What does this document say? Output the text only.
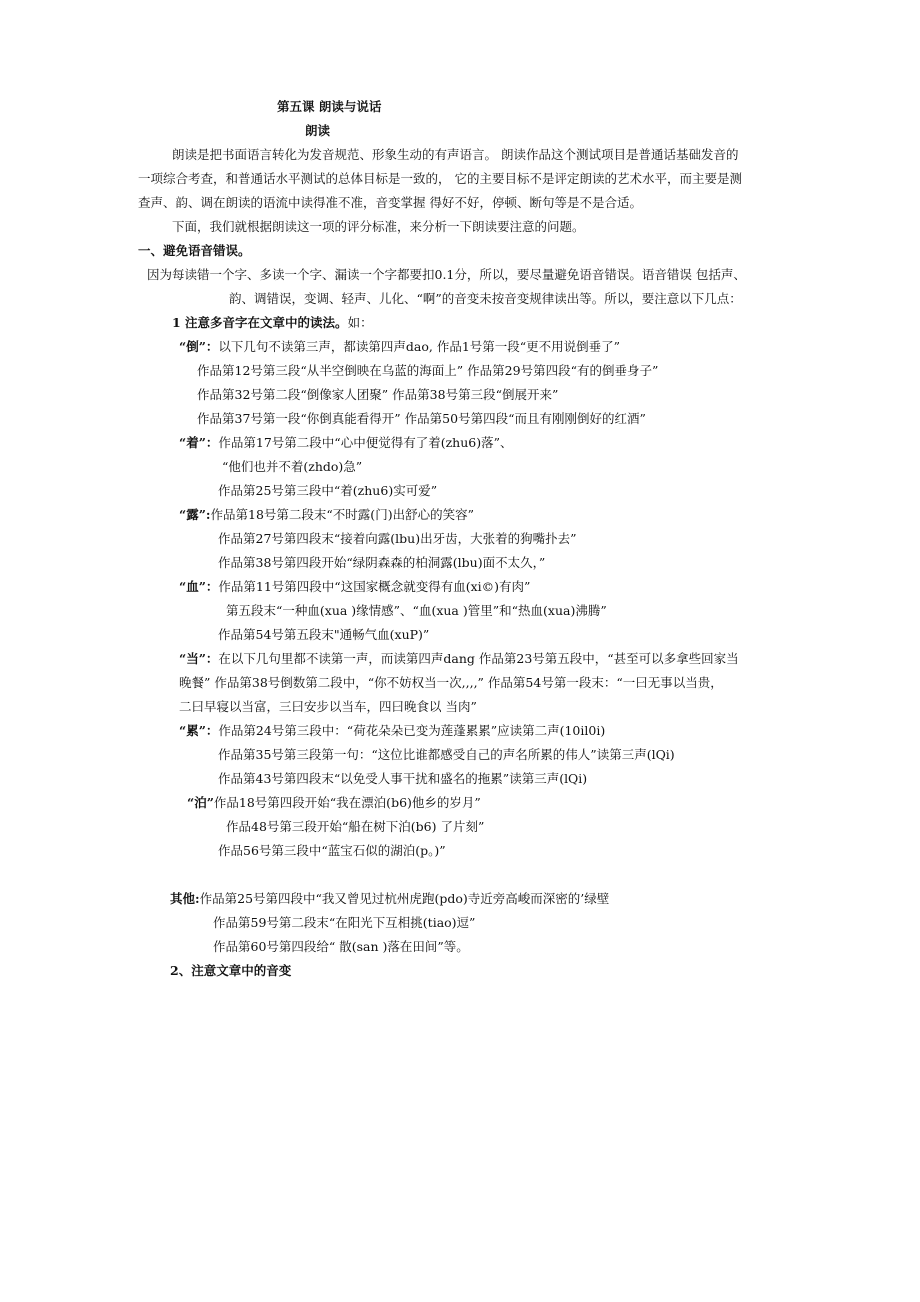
第五课 朗读与说话
朗读
朗读是把书面语言转化为发音规范、形象生动的有声语言。 朗读作品这个测试项目是普通话基础发音的
一项综合考查，和普通话水平测试的总体目标是一致的， 它的主要目标不是评定朗读的艺术水平，而主要是测
查声、韵、调在朗读的语流中读得准不准，音变掌握 得好不好，停顿、断句等是不是合适。
下面，我们就根据朗读这一项的评分标准，来分析一下朗读要注意的问题。
一、避免语音错误。
因为每读错一个字、多读一个字、漏读一个字都要扣0.1分，所以，要尽量避免语音错误。语音错误 包括声、
韵、调错误，变调、轻声、儿化、“啊”的音变未按音变规律读出等。所以，要注意以下几点：
1 注意多音字在文章中的读法。如：
“倒”：以下几句不读第三声，都读第四声dao, 作品1号第一段“更不用说倒垂了”
作品第12号第三段“从半空倒映在乌蓝的海面上” 作品第29号第四段“有的倒垂身子”
作品第32号第二段“倒像家人团聚” 作品第38号第三段“倒展开来”
作品第37号第一段“你倒真能看得开” 作品第50号第四段“而且有刚刚倒好的红酒”
“着”：作品第17号第二段中“心中便觉得有了着(zhu6)落”、
“他们也并不着(zhdo)急”
作品第25号第三段中“着(zhu6)实可爱”
“露”:作品第18号第二段末“不时露(门)出舒心的笑容”
作品第27号第四段末“接着向露(lbu)出牙齿，大张着的狗嘴扑去”
作品第38号第四段开始“绿阴森森的柏洞露(lbu)面不太久，”
“血”：作品第11号第四段中“这国家概念就变得有血(xi©)有肉”
第五段末“一种血(xua )缘情感”、“血(xua )管里”和“热血(xua)沸腾”
作品第54号第五段末"通畅气血(xuP)”
“当”：在以下几句里都不读第一声，而读第四声dang 作品第23号第五段中，“甚至可以多拿些回家当
晚餐” 作品第38号倒数第二段中，“你不妨权当一次,,,,” 作品第54号第一段末：“一曰无事以当贵，
二曰早寝以当富，三曰安步以当车，四曰晚食以 当肉”
“累”：作品第24号第三段中：“荷花朵朵已变为莲蓬累累”应读第二声(10il0i)
作品第35号第三段第一句：“这位比谁都感受自己的声名所累的伟人”读第三声(lQi)
作品第43号第四段末“以免受人事干扰和盛名的拖累”读第三声(lQi)
“泊”作品18号第四段开始“我在漂泊(b6)他乡的岁月”
作品48号第三段开始“船在树下泊(b6) 了片刻”
作品56号第三段中“蓝宝石似的湖泊(p。)”
其他:作品第25号第四段中“我又曾见过杭州虎跑(pdo)寺近旁高峻而深密的’绿壁
作品第59号第二段末“在阳光下互相挑(tiao)逗”
作品第60号第四段给“ 散(san )落在田间”等。
2、注意文章中的音变
